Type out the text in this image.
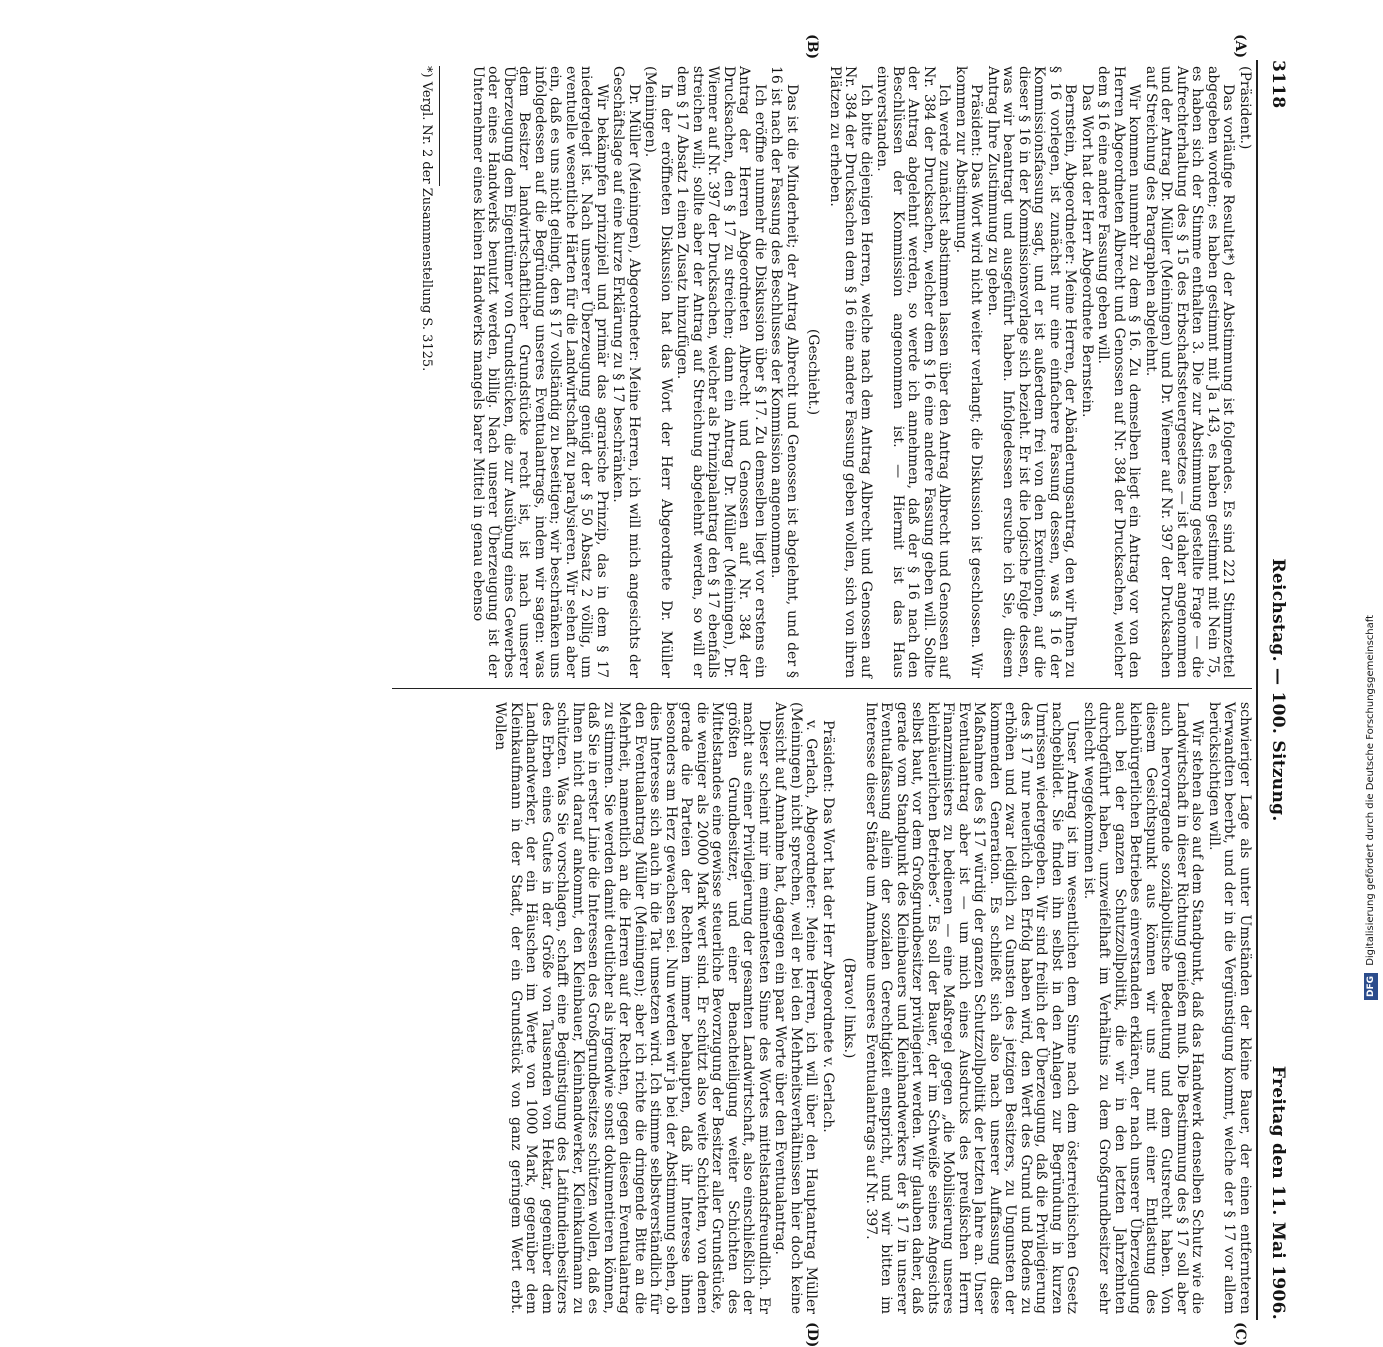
3118
Reichstag. — 100. Sitzung.
Freitag den 11. Mai 1906.
(A)
(B)
(C)
(D)

(Präsident.)

Das vorläufige Resultat*) der Abstimmung ist folgendes. Es sind 221 Stimmzettel abgegeben worden; es haben gestimmt mit Ja 143, es haben gestimmt mit Nein 75, es haben sich der Stimme enthalten 3. Die zur Abstimmung gestellte Frage — die Aufrechterhaltung des § 15 des Erbschaftssteuergesetzes — ist daher angenommen und der Antrag Dr. Müller (Meiningen) und Dr. Wiemer auf Nr. 397 der Drucksachen auf Streichung des Paragraphen abgelehnt.

Wir kommen nunmehr zu dem § 16. Zu demselben liegt ein Antrag vor von den Herren Abgeordneten Albrecht und Genossen auf Nr. 384 der Drucksachen, welcher dem § 16 eine andere Fassung geben will.

Das Wort hat der Herr Abgeordnete Bernstein.

Bernstein, Abgeordneter: Meine Herren, der Abänderungsantrag, den wir Ihnen zu § 16 vorlegen, ist zunächst nur eine einfachere Fassung dessen, was § 16 der Kommissionsfassung sagt, und er ist außerdem frei von den Exemtionen, auf die dieser § 16 in der Kommissionsvorlage sich bezieht. Er ist die logische Folge dessen, was wir beantragt und ausgeführt haben. Infolgedessen ersuche ich Sie, diesem Antrag Ihre Zustimmung zu geben.

Präsident: Das Wort wird nicht weiter verlangt; die Diskussion ist geschlossen. Wir kommen zur Abstimmung.

Ich werde zunächst abstimmen lassen über den Antrag Albrecht und Genossen auf Nr. 384 der Drucksachen, welcher dem § 16 eine andere Fassung geben will. Sollte der Antrag abgelehnt werden, so werde ich annehmen, daß der § 16 nach den Beschlüssen der Kommission angenommen ist. — Hiermit ist das Haus einverstanden.

Ich bitte diejenigen Herren, welche nach dem Antrag Albrecht und Genossen auf Nr. 384 der Drucksachen dem § 16 eine andere Fassung geben wollen, sich von ihren Plätzen zu erheben.

(Geschieht.)

Das ist die Minderheit; der Antrag Albrecht und Genossen ist abgelehnt, und der § 16 ist nach der Fassung des Beschlusses der Kommission angenommen.

Ich eröffne nunmehr die Diskussion über § 17. Zu demselben liegt vor erstens ein Antrag der Herren Abgeordneten Albrecht und Genossen auf Nr. 384 der Drucksachen, den § 17 zu streichen; dann ein Antrag Dr. Müller (Meiningen), Dr. Wiemer auf Nr. 397 der Drucksachen, welcher als Prinzipalantrag den § 17 ebenfalls streichen will; sollte aber der Antrag auf Streichung abgelehnt werden, so will er dem § 17 Absatz 1 einen Zusatz hinzufügen.

In der eröffneten Diskussion hat das Wort der Herr Abgeordnete Dr. Müller (Meiningen).

Dr. Müller (Meiningen), Abgeordneter: Meine Herren, ich will mich angesichts der Geschäftslage auf eine kurze Erklärung zu § 17 beschränken.

Wir bekämpfen prinzipiell und primär das agrarische Prinzip, das in dem § 17 niedergelegt ist. Nach unserer Überzeugung genügt der § 50 Absatz 2 völlig, um eventuelle wesentliche Härten für die Landwirtschaft zu paralysieren. Wir sehen aber ein, daß es uns nicht gelingt, den § 17 vollständig zu beseitigen; wir beschränken uns infolgedessen auf die Begründung unseres Eventualantrags, indem wir sagen: was dem Besitzer landwirtschaftlicher Grundstücke recht ist, ist nach unserer Überzeugung dem Eigentümer von Grundstücken, die zur Ausübung eines Gewerbes oder eines Handwerks benutzt werden, billig. Nach unserer Überzeugung ist der Unternehmer eines kleinen Handwerks mangels barer Mittel in genau ebenso

schwieriger Lage als unter Umständen der kleine Bauer, der einen entfernteren Verwandten beerbt, und der in die Vergünstigung kommt, welche der § 17 vor allem berücksichtigen will.

Wir stehen also auf dem Standpunkt, daß das Handwerk denselben Schutz wie die Landwirtschaft in dieser Richtung genießen muß. Die Bestimmung des § 17 soll aber auch hervorragende sozialpolitische Bedeutung und dem Gutsrecht haben. Von diesem Gesichtspunkt aus können wir uns nur mit einer Entlastung des kleinbürgerlichen Betriebes einverstanden erklären, der nach unserer Überzeugung auch bei der ganzen Schutzzollpolitik, die wir in den letzten Jahrzehnten durchgeführt haben, unzweifelhaft im Verhältnis zu dem Großgrundbesitzer sehr schlecht weggekommen ist.

Unser Antrag ist im wesentlichen dem Sinne nach dem österreichischen Gesetz nachgebildet. Sie finden ihn selbst in den Anlagen zur Begründung in kurzen Umrissen wiedergegeben. Wir sind freilich der Überzeugung, daß die Privilegierung des § 17 nur neuerlich den Erfolg haben wird, den Wert des Grund und Bodens zu erhöhen und zwar lediglich zu Gunsten des jetzigen Besitzers, zu Ungunsten der kommenden Generation. Es schließt sich also nach unserer Auffassung diese Maßnahme des § 17 würdig der ganzen Schutzzollpolitik der letzten Jahre an. Unser Eventualantrag aber ist — um mich eines Ausdrucks des preußischen Herrn Finanzministers zu bedienen — eine Maßregel gegen „die Mobilisierung unseres kleinbäuerlichen Betriebes“. Es soll der Bauer, der im Schweiße seines Angesichts selbst baut, vor dem Großgrundbesitzer privilegiert werden. Wir glauben daher, daß gerade vom Standpunkt des Kleinbauers und Kleinhandwerkers der § 17 in unserer Eventualfassung allein der sozialen Gerechtigkeit entspricht, und wir bitten im Interesse dieser Stände um Annahme unseres Eventualantrags auf Nr. 397.

(Bravo! links.)

Präsident: Das Wort hat der Herr Abgeordnete v. Gerlach.

v. Gerlach, Abgeordneter: Meine Herren, ich will über den Hauptantrag Müller (Meiningen) nicht sprechen, weil er bei den Mehrheitsverhältnissen hier doch keine Aussicht auf Annahme hat, dagegen ein paar Worte über den Eventualantrag.

Dieser scheint mir im eminentesten Sinne des Wortes mittelstandsfreundlich. Er macht aus einer Privilegierung der gesamten Landwirtschaft, also einschließlich der größten Grundbesitzer, und einer Benachteiligung weiter Schichten des Mittelstandes eine gewisse steuerliche Bevorzugung der Besitzer aller Grundstücke, die weniger als 20000 Mark wert sind. Er schützt also weite Schichten, von denen gerade die Parteien der Rechten immer behaupten, daß ihr Interesse ihnen besonders am Herz gewachsen sei. Nun werden wir ja bei der Abstimmung sehen, ob dies Interesse sich auch in die Tat umsetzen wird. Ich stimme selbstverständlich für den Eventualantrag Müller (Meiningen); aber ich richte die dringende Bitte an die Mehrheit, namentlich an die Herren auf der Rechten, gegen diesen Eventualantrag zu stimmen. Sie werden damit deutlicher als irgendwie sonst dokumentieren können, daß Sie in erster Linie die Interessen des Großgrundbesitzes schützen wollen, daß es Ihnen nicht darauf ankommt, den Kleinbauer, Kleinhandwerker, Kleinkaufmann zu schützen. Was Sie vorschlagen, schafft eine Begünstigung des Latifundienbesitzers des Erben eines Gutes in der Größe von Tausenden von Hektar, gegenüber dem Landhandwerker, der ein Häuschen im Werte von 1000 Mark, gegenüber dem Kleinkaufmann in der Stadt, der ein Grundstück von ganz geringem Wert erbt. Wollen

*) Vergl. Nr. 2 der Zusammenstellung S. 3125.
DFG Digitalisierung gefördert durch die Deutsche Forschungsgemeinschaft
